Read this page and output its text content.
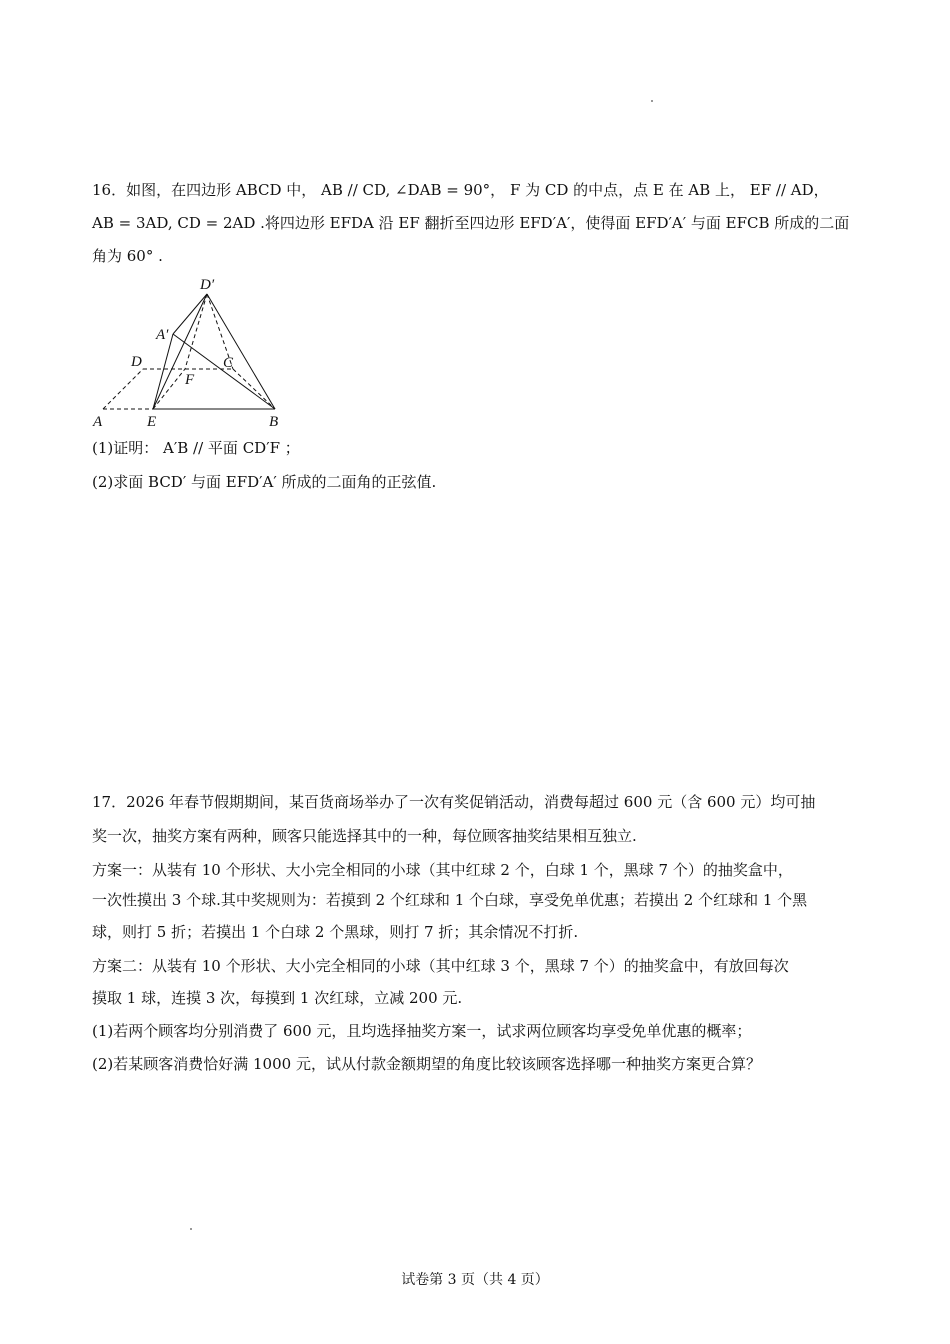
16．如图，在四边形 ABCD 中， AB // CD, ∠DAB = 90°， F 为 CD 的中点，点 E 在 AB 上， EF // AD，
AB = 3AD, CD = 2AD .将四边形 EFDA 沿 EF 翻折至四边形 EFD′A′，使得面 EFD′A′ 与面 EFCB 所成的二面
角为 60° .
D′
A′
D	C
F
A	E	B
(1)证明： A′B // 平面 CD′F ；
(2)求面 BCD′ 与面 EFD′A′ 所成的二面角的正弦值.
17．2026 年春节假期期间，某百货商场举办了一次有奖促销活动，消费每超过 600 元（含 600 元）均可抽
奖一次，抽奖方案有两种，顾客只能选择其中的一种，每位顾客抽奖结果相互独立.
方案一：从装有 10 个形状、大小完全相同的小球（其中红球 2 个，白球 1 个，黑球 7 个）的抽奖盒中，
一次性摸出 3 个球.其中奖规则为：若摸到 2 个红球和 1 个白球，享受免单优惠；若摸出 2 个红球和 1 个黑
球，则打 5 折；若摸出 1 个白球 2 个黑球，则打 7 折；其余情况不打折.
方案二：从装有 10 个形状、大小完全相同的小球（其中红球 3 个，黑球 7 个）的抽奖盒中，有放回每次
摸取 1 球，连摸 3 次，每摸到 1 次红球，立减 200 元.
(1)若两个顾客均分别消费了 600 元，且均选择抽奖方案一，试求两位顾客均享受免单优惠的概率；
(2)若某顾客消费恰好满 1000 元，试从付款金额期望的角度比较该顾客选择哪一种抽奖方案更合算？
试卷第 3 页（共 4 页）
